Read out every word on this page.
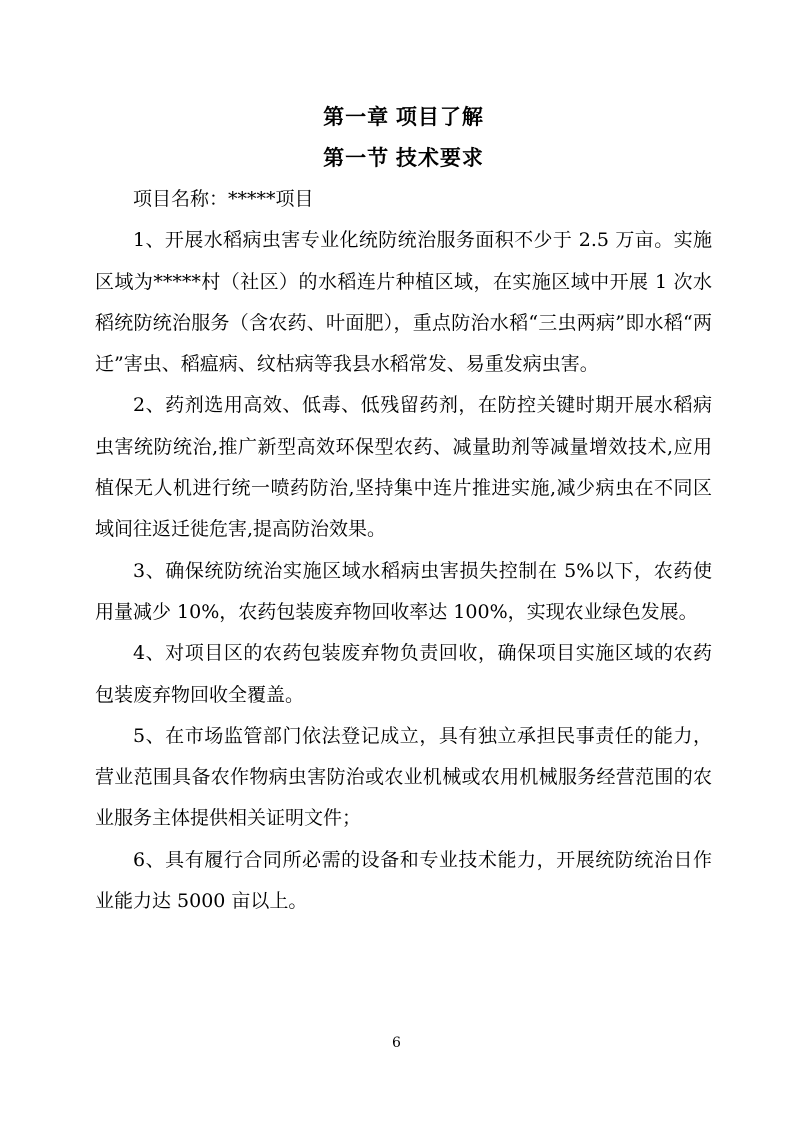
第一章 项目了解
第一节 技术要求

项目名称：*****项目

1、开展水稻病虫害专业化统防统治服务面积不少于 2.5 万亩。实施区域为*****村（社区）的水稻连片种植区域，在实施区域中开展 1 次水稻统防统治服务（含农药、叶面肥），重点防治水稻“三虫两病”即水稻“两迁”害虫、稻瘟病、纹枯病等我县水稻常发、易重发病虫害。

2、药剂选用高效、低毒、低残留药剂，在防控关键时期开展水稻病虫害统防统治,推广新型高效环保型农药、减量助剂等减量增效技术,应用植保无人机进行统一喷药防治,坚持集中连片推进实施,减少病虫在不同区域间往返迁徙危害,提高防治效果。

3、确保统防统治实施区域水稻病虫害损失控制在 5%以下，农药使用量减少 10%，农药包装废弃物回收率达 100%，实现农业绿色发展。

4、对项目区的农药包装废弃物负责回收，确保项目实施区域的农药包装废弃物回收全覆盖。

5、在市场监管部门依法登记成立，具有独立承担民事责任的能力，营业范围具备农作物病虫害防治或农业机械或农用机械服务经营范围的农业服务主体提供相关证明文件；

6、具有履行合同所必需的设备和专业技术能力，开展统防统治日作业能力达 5000 亩以上。

6
